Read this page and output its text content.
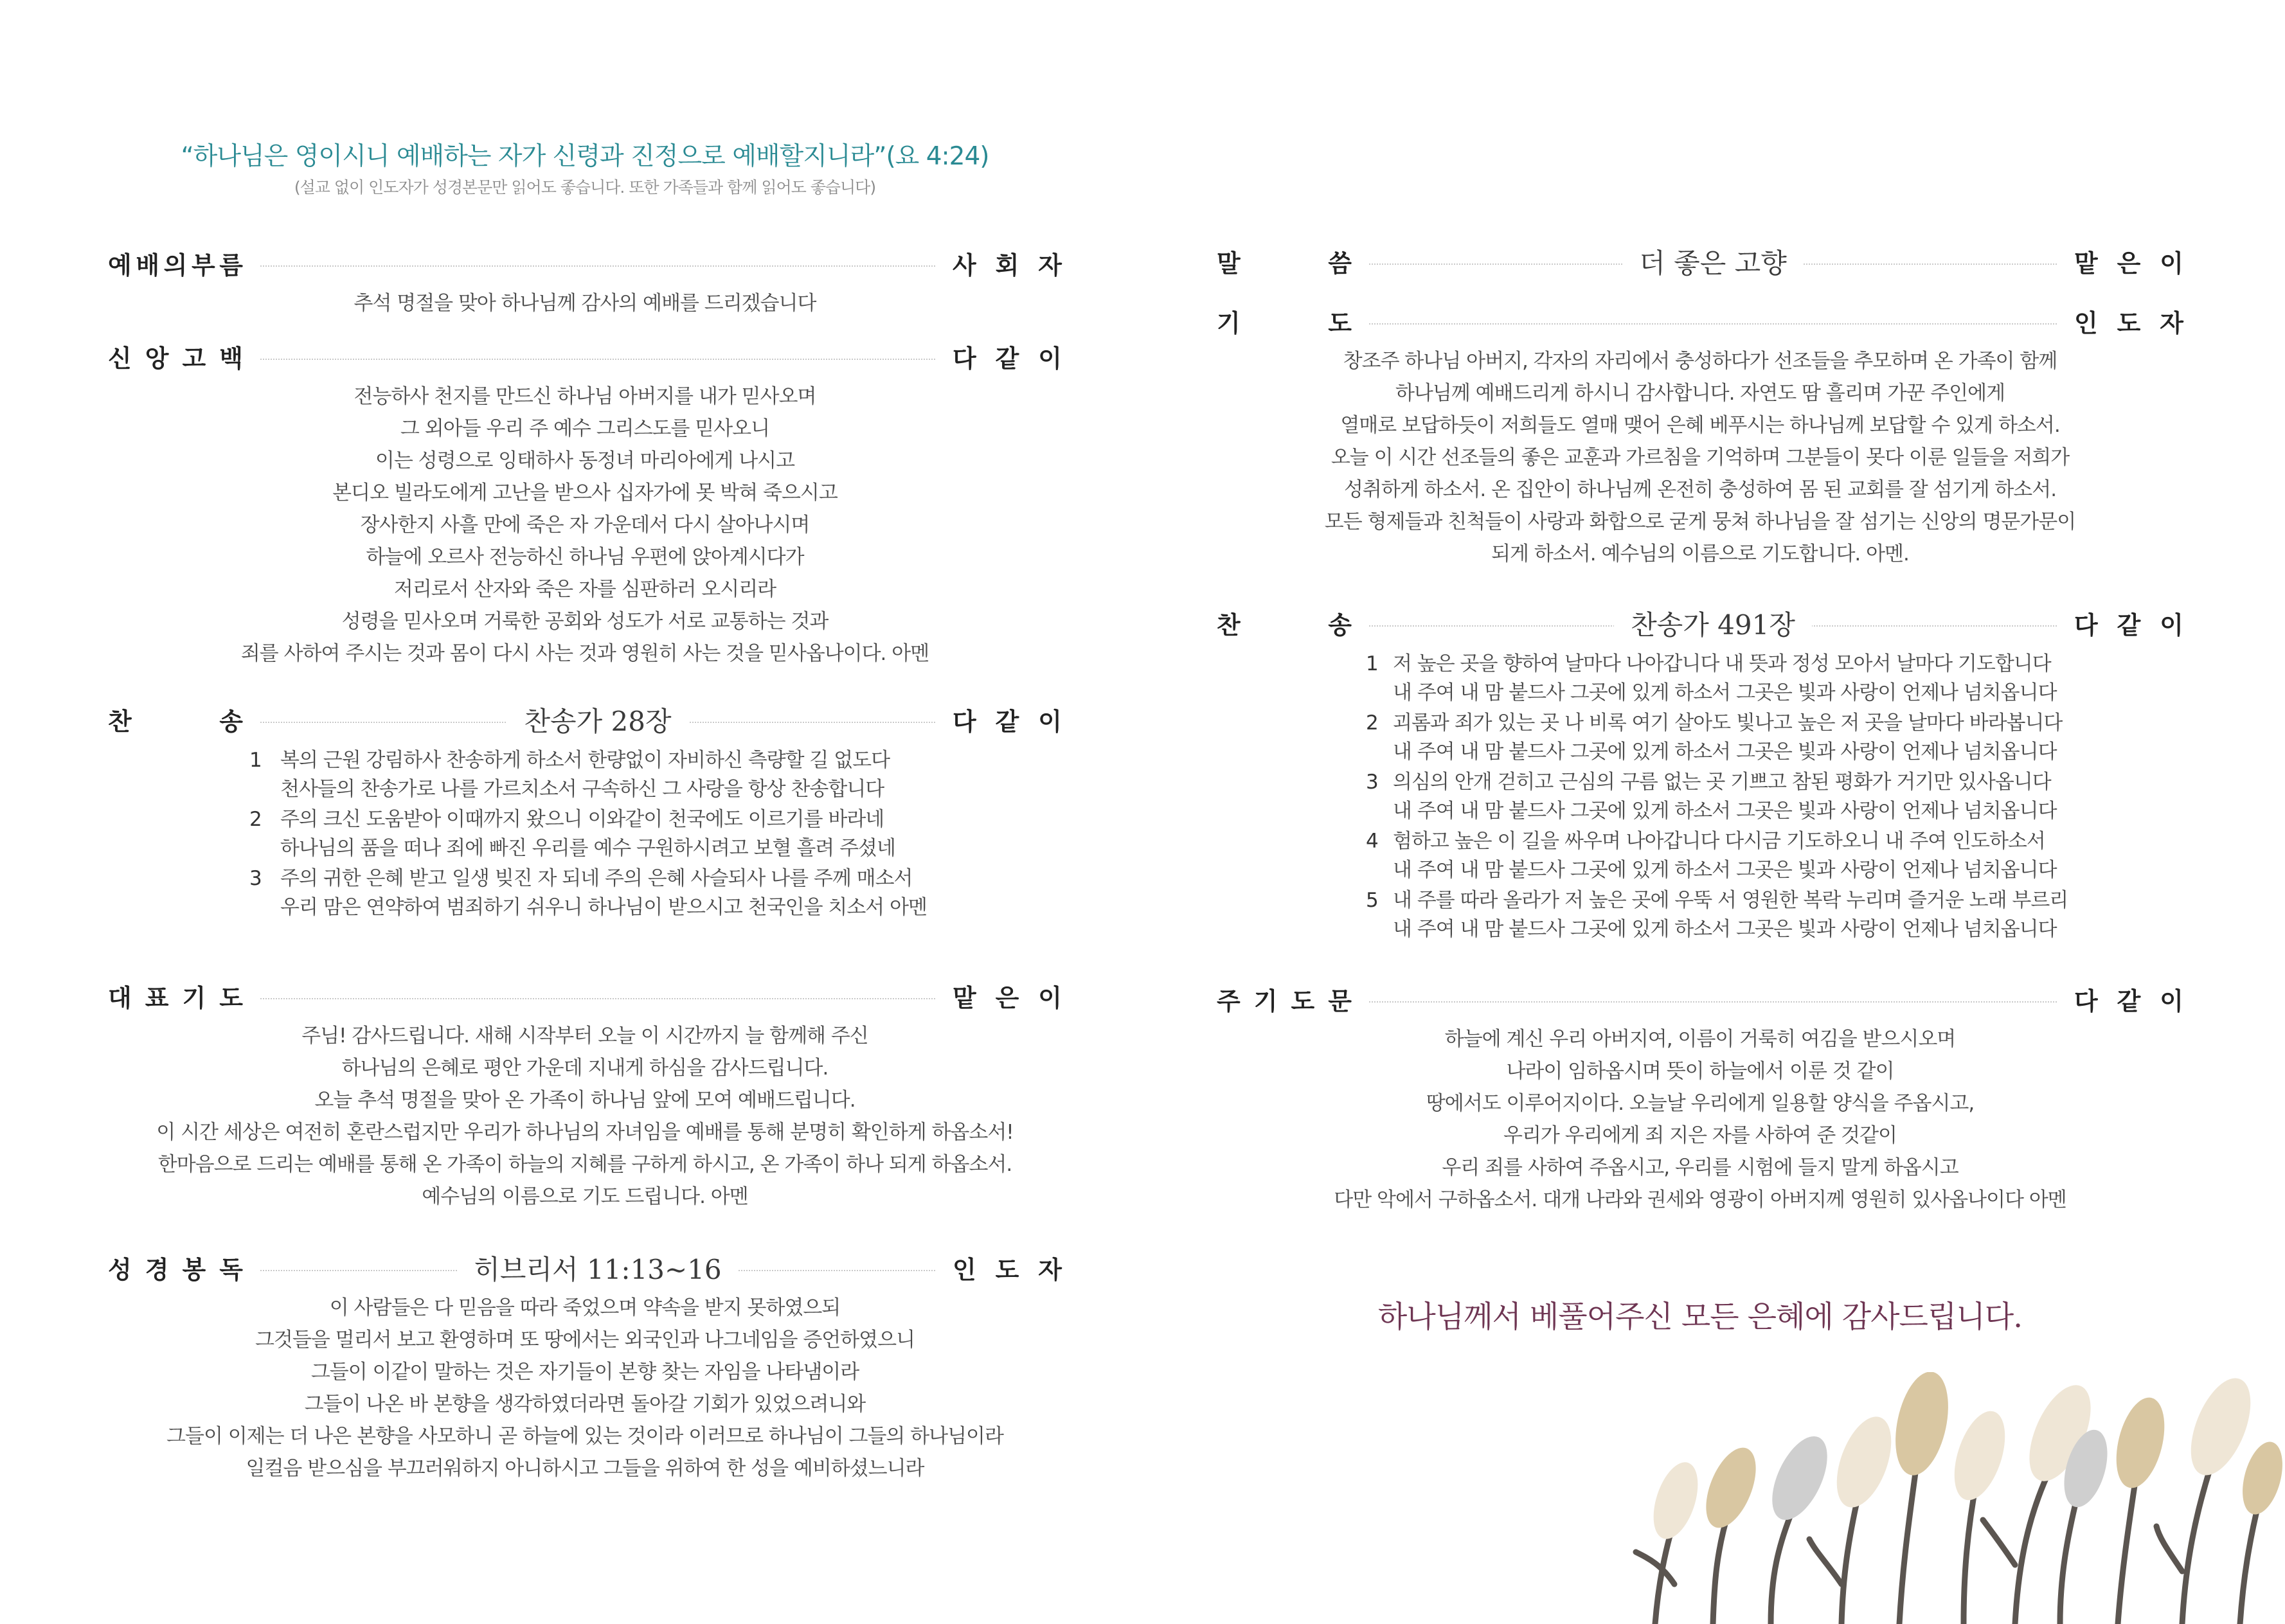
“하나님은 영이시니 예배하는 자가 신령과 진정으로 예배할지니라”(요 4:24)
(설교 없이 인도자가 성경본문만 읽어도 좋습니다. 또한 가족들과 함께 읽어도 좋습니다)
예 배 의 부 름	사 회 자
추석 명절을 맞아 하나님께 감사의 예배를 드리겠습니다
신 앙 고 백	다 같 이
전능하사 천지를 만드신 하나님 아버지를 내가 믿사오며
그 외아들 우리 주 예수 그리스도를 믿사오니
이는 성령으로 잉태하사 동정녀 마리아에게 나시고
본디오 빌라도에게 고난을 받으사 십자가에 못 박혀 죽으시고
장사한지 사흘 만에 죽은 자 가운데서 다시 살아나시며
하늘에 오르사 전능하신 하나님 우편에 앉아계시다가
저리로서 산자와 죽은 자를 심판하러 오시리라
성령을 믿사오며 거룩한 공회와 성도가 서로 교통하는 것과
죄를 사하여 주시는 것과 몸이 다시 사는 것과 영원히 사는 것을 믿사옵나이다. 아멘
찬	송	찬송가 28장	다 같 이
1 복의 근원 강림하사 찬송하게 하소서 한량없이 자비하신 측량할 길 없도다
천사들의 찬송가로 나를 가르치소서 구속하신 그 사랑을 항상 찬송합니다
2 주의 크신 도움받아 이때까지 왔으니 이와같이 천국에도 이르기를 바라네
하나님의 품을 떠나 죄에 빠진 우리를 예수 구원하시려고 보혈 흘려 주셨네
3 주의 귀한 은혜 받고 일생 빚진 자 되네 주의 은혜 사슬되사 나를 주께 매소서
우리 맘은 연약하여 범죄하기 쉬우니 하나님이 받으시고 천국인을 치소서 아멘
대 표 기 도	맡 은 이
주님! 감사드립니다. 새해 시작부터 오늘 이 시간까지 늘 함께해 주신
하나님의 은혜로 평안 가운데 지내게 하심을 감사드립니다.
오늘 추석 명절을 맞아 온 가족이 하나님 앞에 모여 예배드립니다.
이 시간 세상은 여전히 혼란스럽지만 우리가 하나님의 자녀임을 예배를 통해 분명히 확인하게 하옵소서!
한마음으로 드리는 예배를 통해 온 가족이 하늘의 지혜를 구하게 하시고, 온 가족이 하나 되게 하옵소서.
예수님의 이름으로 기도 드립니다. 아멘
성 경 봉 독	히브리서 11:13~16	인 도 자
이 사람들은 다 믿음을 따라 죽었으며 약속을 받지 못하였으되
그것들을 멀리서 보고 환영하며 또 땅에서는 외국인과 나그네임을 증언하였으니
그들이 이같이 말하는 것은 자기들이 본향 찾는 자임을 나타냄이라
그들이 나온 바 본향을 생각하였더라면 돌아갈 기회가 있었으려니와
그들이 이제는 더 나은 본향을 사모하니 곧 하늘에 있는 것이라 이러므로 하나님이 그들의 하나님이라
일컬음 받으심을 부끄러워하지 아니하시고 그들을 위하여 한 성을 예비하셨느니라
말	씀	더 좋은 고향	맡 은 이
기	도	인 도 자
창조주 하나님 아버지, 각자의 자리에서 충성하다가 선조들을 추모하며 온 가족이 함께
하나님께 예배드리게 하시니 감사합니다. 자연도 땀 흘리며 가꾼 주인에게
열매로 보답하듯이 저희들도 열매 맺어 은혜 베푸시는 하나님께 보답할 수 있게 하소서.
오늘 이 시간 선조들의 좋은 교훈과 가르침을 기억하며 그분들이 못다 이룬 일들을 저희가
성취하게 하소서. 온 집안이 하나님께 온전히 충성하여 몸 된 교회를 잘 섬기게 하소서.
모든 형제들과 친척들이 사랑과 화합으로 굳게 뭉쳐 하나님을 잘 섬기는 신앙의 명문가문이
되게 하소서. 예수님의 이름으로 기도합니다. 아멘.
찬	송	찬송가 491장	다 같 이
1 저 높은 곳을 향하여 날마다 나아갑니다 내 뜻과 정성 모아서 날마다 기도합니다
내 주여 내 맘 붙드사 그곳에 있게 하소서 그곳은 빛과 사랑이 언제나 넘치옵니다
2 괴롬과 죄가 있는 곳 나 비록 여기 살아도 빛나고 높은 저 곳을 날마다 바라봅니다
내 주여 내 맘 붙드사 그곳에 있게 하소서 그곳은 빛과 사랑이 언제나 넘치옵니다
3 의심의 안개 걷히고 근심의 구름 없는 곳 기쁘고 참된 평화가 거기만 있사옵니다
내 주여 내 맘 붙드사 그곳에 있게 하소서 그곳은 빛과 사랑이 언제나 넘치옵니다
4 험하고 높은 이 길을 싸우며 나아갑니다 다시금 기도하오니 내 주여 인도하소서
내 주여 내 맘 붙드사 그곳에 있게 하소서 그곳은 빛과 사랑이 언제나 넘치옵니다
5 내 주를 따라 올라가 저 높은 곳에 우뚝 서 영원한 복락 누리며 즐거운 노래 부르리
내 주여 내 맘 붙드사 그곳에 있게 하소서 그곳은 빛과 사랑이 언제나 넘치옵니다
주 기 도 문	다 같 이
하늘에 계신 우리 아버지여, 이름이 거룩히 여김을 받으시오며
나라이 임하옵시며 뜻이 하늘에서 이룬 것 같이
땅에서도 이루어지이다. 오늘날 우리에게 일용할 양식을 주옵시고,
우리가 우리에게 죄 지은 자를 사하여 준 것같이
우리 죄를 사하여 주옵시고, 우리를 시험에 들지 말게 하옵시고
다만 악에서 구하옵소서. 대개 나라와 권세와 영광이 아버지께 영원히 있사옵나이다 아멘
하나님께서 베풀어주신 모든 은혜에 감사드립니다.
